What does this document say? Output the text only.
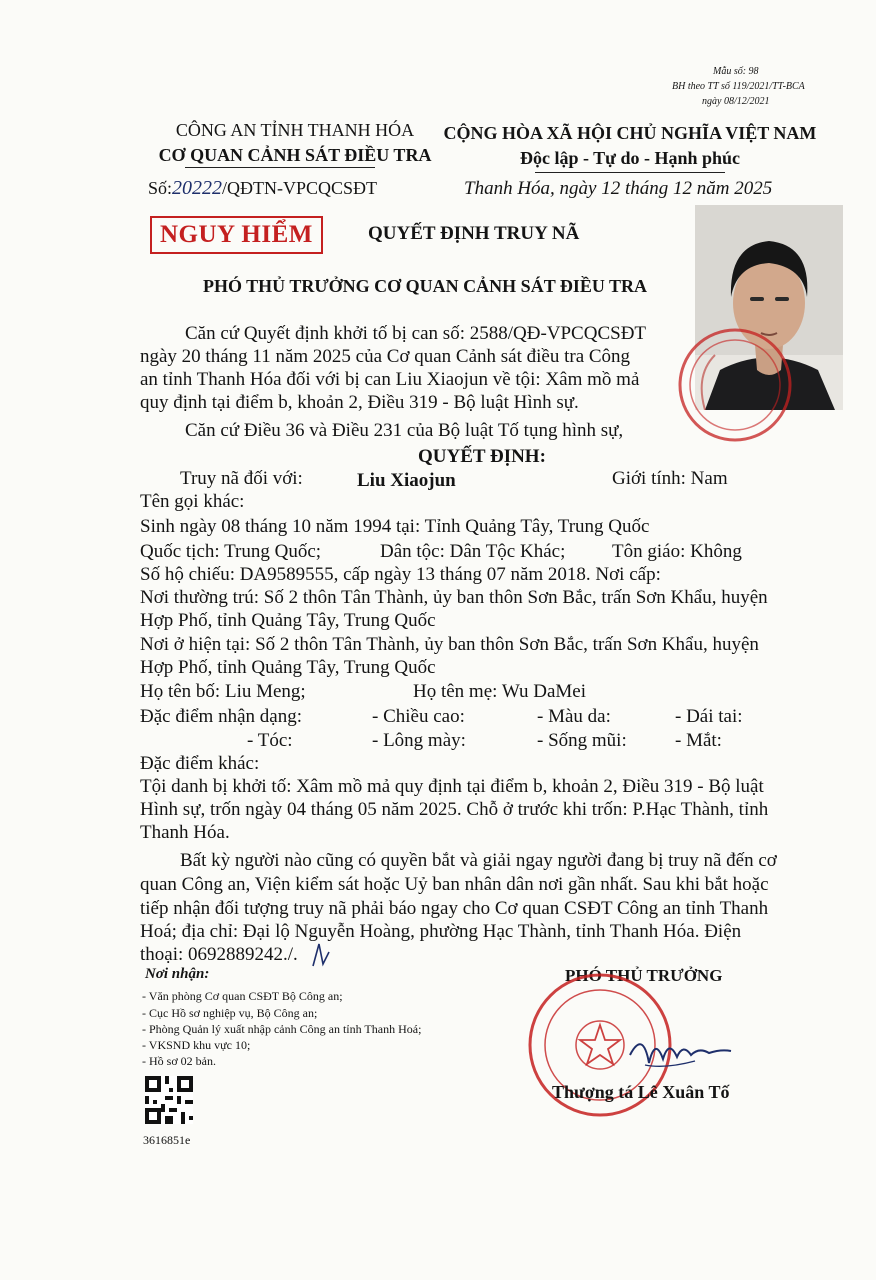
Mẫu số: 98
BH theo TT số 119/2021/TT-BCA
ngày 08/12/2021
CÔNG AN TỈNH THANH HÓA
CƠ QUAN CẢNH SÁT ĐIỀU TRA
Số:20222/QĐTN-VPCQCSĐT
CỘNG HÒA XÃ HỘI CHỦ NGHĨA VIỆT NAM
Độc lập - Tự do - Hạnh phúc
Thanh Hóa, ngày 12 tháng 12 năm 2025
NGUY HIỂM	QUYẾT ĐỊNH TRUY NÃ
PHÓ THỦ TRƯỞNG CƠ QUAN CẢNH SÁT ĐIỀU TRA
Căn cứ Quyết định khởi tố bị can số: 2588/QĐ-VPCQCSĐT
ngày 20 tháng 11 năm 2025 của Cơ quan Cảnh sát điều tra Công
an tỉnh Thanh Hóa đối với bị can Liu Xiaojun về tội: Xâm mồ mả
quy định tại điểm b, khoản 2, Điều 319 - Bộ luật Hình sự.
Căn cứ Điều 36 và Điều 231 của Bộ luật Tố tụng hình sự,
QUYẾT ĐỊNH:
Truy nã đối với:	Liu Xiaojun	Giới tính: Nam
Tên gọi khác:
Sinh ngày 08 tháng 10 năm 1994 tại: Tỉnh Quảng Tây, Trung Quốc
Quốc tịch: Trung Quốc;	Dân tộc: Dân Tộc Khác; Tôn giáo: Không
Số hộ chiếu: DA9589555, cấp ngày 13 tháng 07 năm 2018. Nơi cấp:
Nơi thường trú: Số 2 thôn Tân Thành, ủy ban thôn Sơn Bắc, trấn Sơn Khẩu, huyện
Hợp Phố, tỉnh Quảng Tây, Trung Quốc
Nơi ở hiện tại: Số 2 thôn Tân Thành, ủy ban thôn Sơn Bắc, trấn Sơn Khẩu, huyện
Hợp Phố, tỉnh Quảng Tây, Trung Quốc
Họ tên bố: Liu Meng;	Họ tên mẹ: Wu DaMei
Đặc điểm nhận dạng:	- Chiều cao:	- Màu da:	- Dái tai:
- Tóc:	- Lông mày:	- Sống mũi:	- Mắt:
Đặc điểm khác:
Tội danh bị khởi tố: Xâm mồ mả quy định tại điểm b, khoản 2, Điều 319 - Bộ luật
Hình sự, trốn ngày 04 tháng 05 năm 2025. Chỗ ở trước khi trốn: P.Hạc Thành, tỉnh
Thanh Hóa.
Bất kỳ người nào cũng có quyền bắt và giải ngay người đang bị truy nã đến cơ
quan Công an, Viện kiểm sát hoặc Uỷ ban nhân dân nơi gần nhất. Sau khi bắt hoặc
tiếp nhận đối tượng truy nã phải báo ngay cho Cơ quan CSĐT Công an tỉnh Thanh
Hoá; địa chỉ: Đại lộ Nguyễn Hoàng, phường Hạc Thành, tỉnh Thanh Hóa. Điện
thoại: 0692889242./.
Nơi nhận:
- Văn phòng Cơ quan CSĐT Bộ Công an;
- Cục Hồ sơ nghiệp vụ, Bộ Công an;
- Phòng Quản lý xuất nhập cảnh Công an tỉnh Thanh Hoá;
- VKSND khu vực 10;
- Hồ sơ 02 bản.
3616851e
PHÓ THỦ TRƯỞNG
Thượng tá Lê Xuân Tố
